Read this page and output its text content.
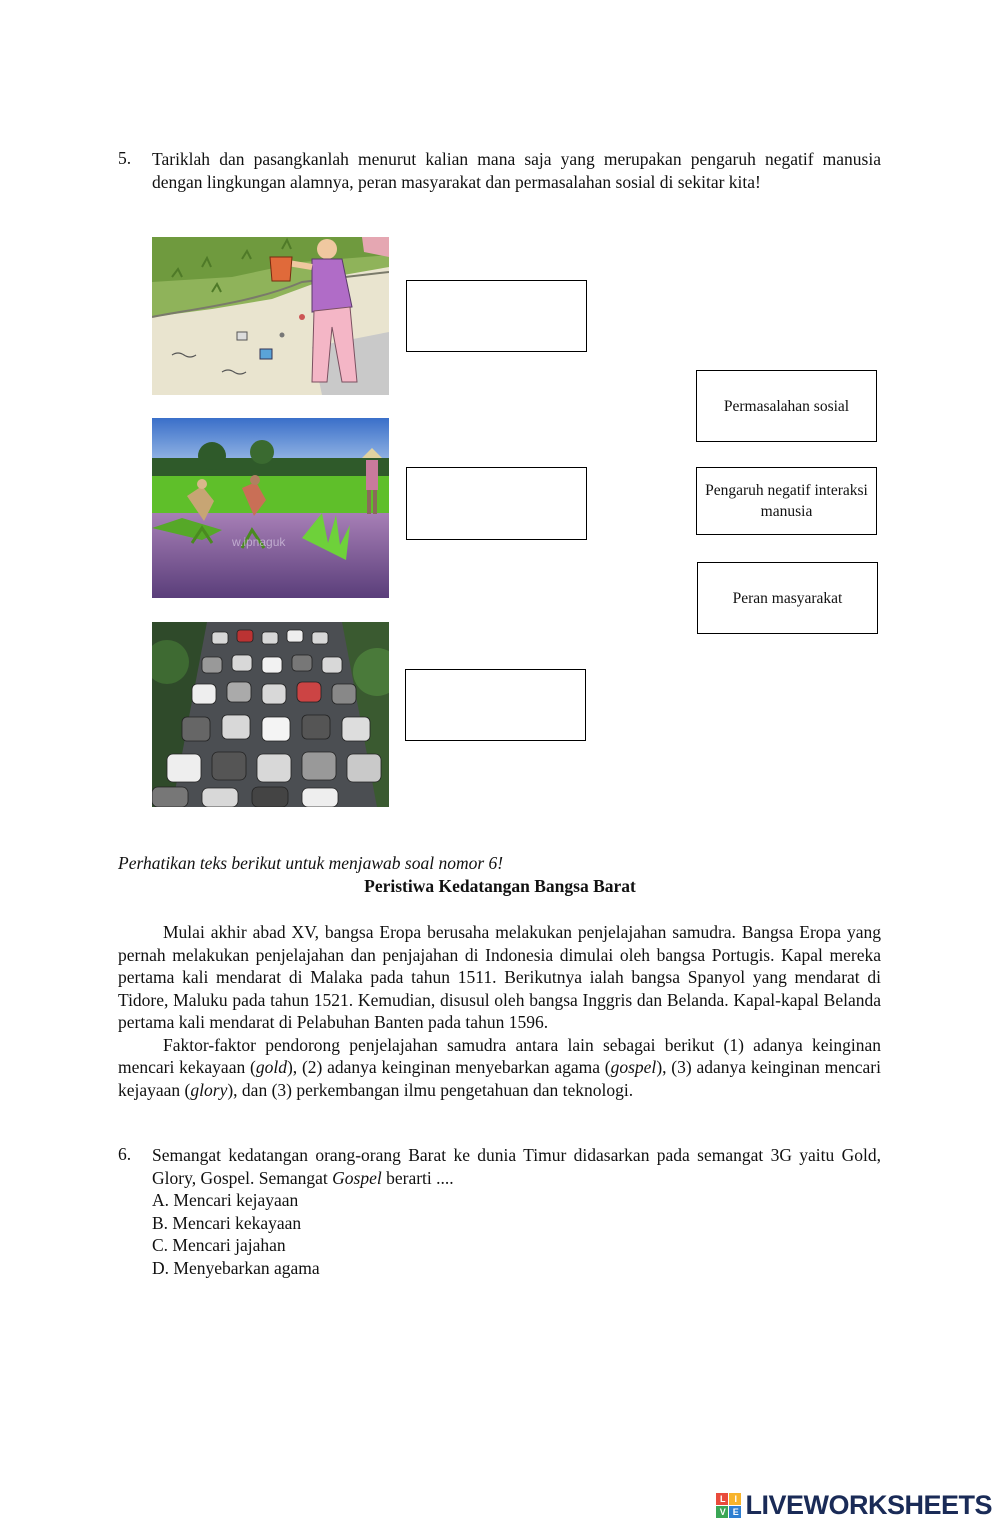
5. Tariklah dan pasangkanlah menurut kalian mana saja yang merupakan pengaruh negatif manusia dengan lingkungan alamnya, peran masyarakat dan permasalahan sosial di sekitar kita!
w.ipnaguk
Permasalahan sosial
Pengaruh negatif interaksi manusia
Peran masyarakat
Perhatikan teks berikut untuk menjawab soal nomor 6!
Peristiwa Kedatangan Bangsa Barat

Mulai akhir abad XV, bangsa Eropa berusaha melakukan penjelajahan samudra. Bangsa Eropa yang pernah melakukan penjelajahan dan penjajahan di Indonesia dimulai oleh bangsa Portugis. Kapal mereka pertama kali mendarat di Malaka pada tahun 1511. Berikutnya ialah bangsa Spanyol yang mendarat di Tidore, Maluku pada tahun 1521. Kemudian, disusul oleh bangsa Inggris dan Belanda. Kapal-kapal Belanda pertama kali mendarat di Pelabuhan Banten pada tahun 1596.

Faktor-faktor pendorong penjelajahan samudra antara lain sebagai berikut (1) adanya keinginan mencari kekayaan (gold), (2) adanya keinginan menyebarkan agama (gospel), (3) adanya keinginan mencari kejayaan (glory), dan (3) perkembangan ilmu pengetahuan dan teknologi.

6. Semangat kedatangan orang-orang Barat ke dunia Timur didasarkan pada semangat 3G yaitu Gold, Glory, Gospel. Semangat Gospel berarti ....
A. Mencari kejayaan
B. Mencari kekayaan
C. Mencari jajahan
D. Menyebarkan agama
L	I
V E LIVEWORKSHEETS
